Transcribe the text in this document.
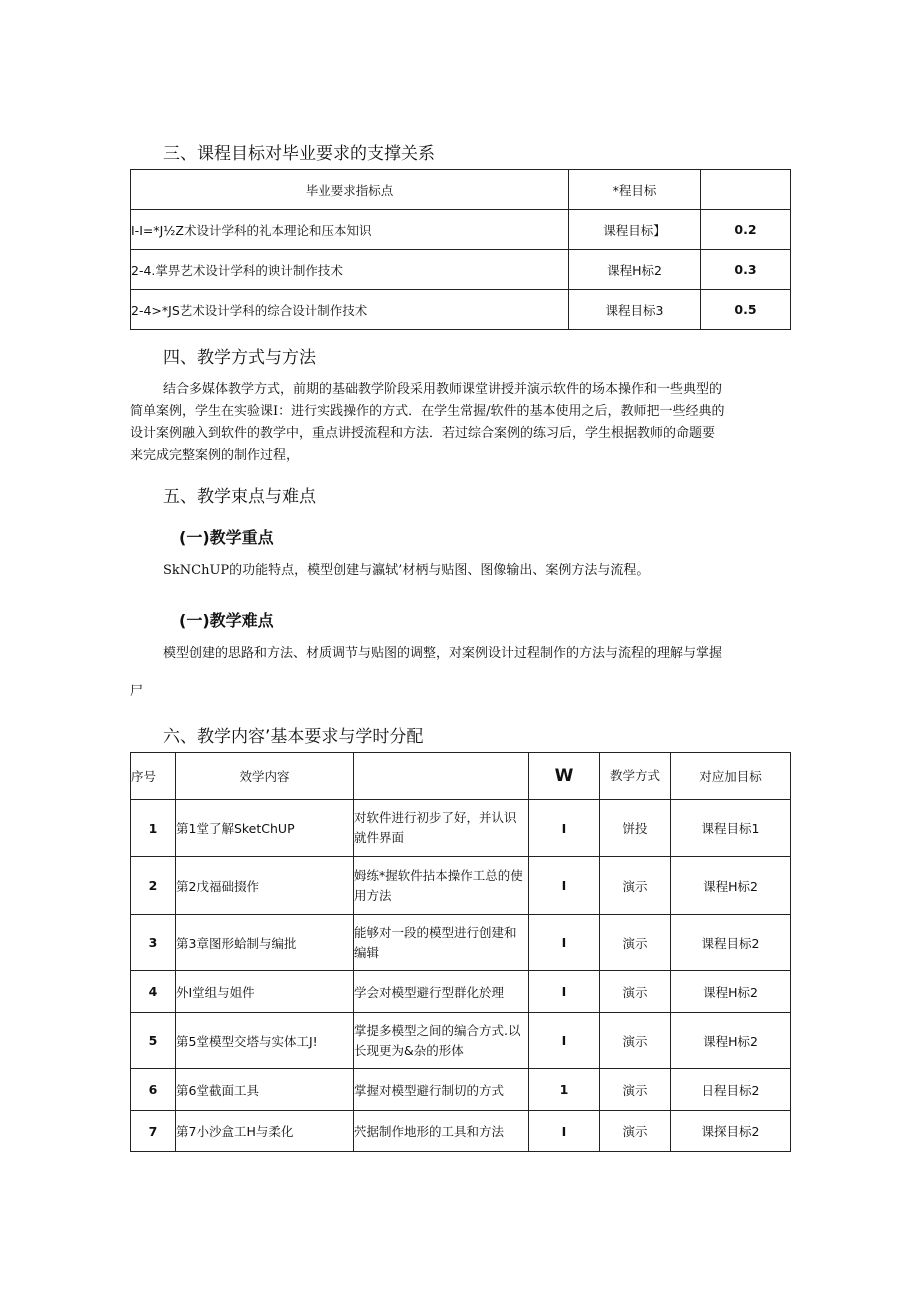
三、课程目标对毕业要求的支撑关系
毕业要求指标点	*程目标	
I-I=*J½Z术设计学科的礼本理论和压本知识	课程目标】	0.2
2-4.掌畀艺术设计学科的谀计制作技术	课程H标2	0.3
2-4>*JS艺术设计学科的综合设计制作技术	课程目标3	0.5
四、教学方式与方法

结合多媒体教学方式，前期的基础教学阶段采用教师课堂讲授并演示软件的场本操作和一些典型的

简单案例，学生在实验课I：进行实践操作的方式．在学生常握/软件的基本使用之后，教师把一些经典的

设计案例融入到软件的教学中，重点讲授流程和方法．若过综合案例的练习后，学生根据教师的命题要

来完成完整案例的制作过程，

五、教学束点与难点
(一)教学重点

SkNChUP的功能特点，模型创建与瀛轼’材柄与贴图、图像输出、案例方法与流程。

(一)教学难点

模型创建的思路和方法、材质调节与贴图的调整，对案例设计过程制作的方法与流程的理解与掌握

尸

六、教学内容’基本要求与学时分配
序号	效学内容		W	教学方式	对应加目标
1	第1堂了解SketChUP	对软件进行初步了好，并认识就件界面	I	饼投	课程目标1
2	第2戊福础掇作	姆练*握软件拈本操作工总的使用方法	I	演示	课程H标2
3	第3章图形蛤制与编批	能够对一段的模型进行创建和编辑	I	演示	课程目标2
4	外I堂组与姐件	学会对模型避行型群化於理	I	演示	课程H标2
5	第5堂模型交塔与实体工J!	掌提多模型之间的编合方式.以长现更为&杂的形体	I	演示	课程H标2
6	第6堂截面工具	掌握对模型避行制切的方式	1	演示	日程目标2
7	第7小沙盒工H与柔化	茓据制作地形的工具和方法	I	演示	课探目标2
